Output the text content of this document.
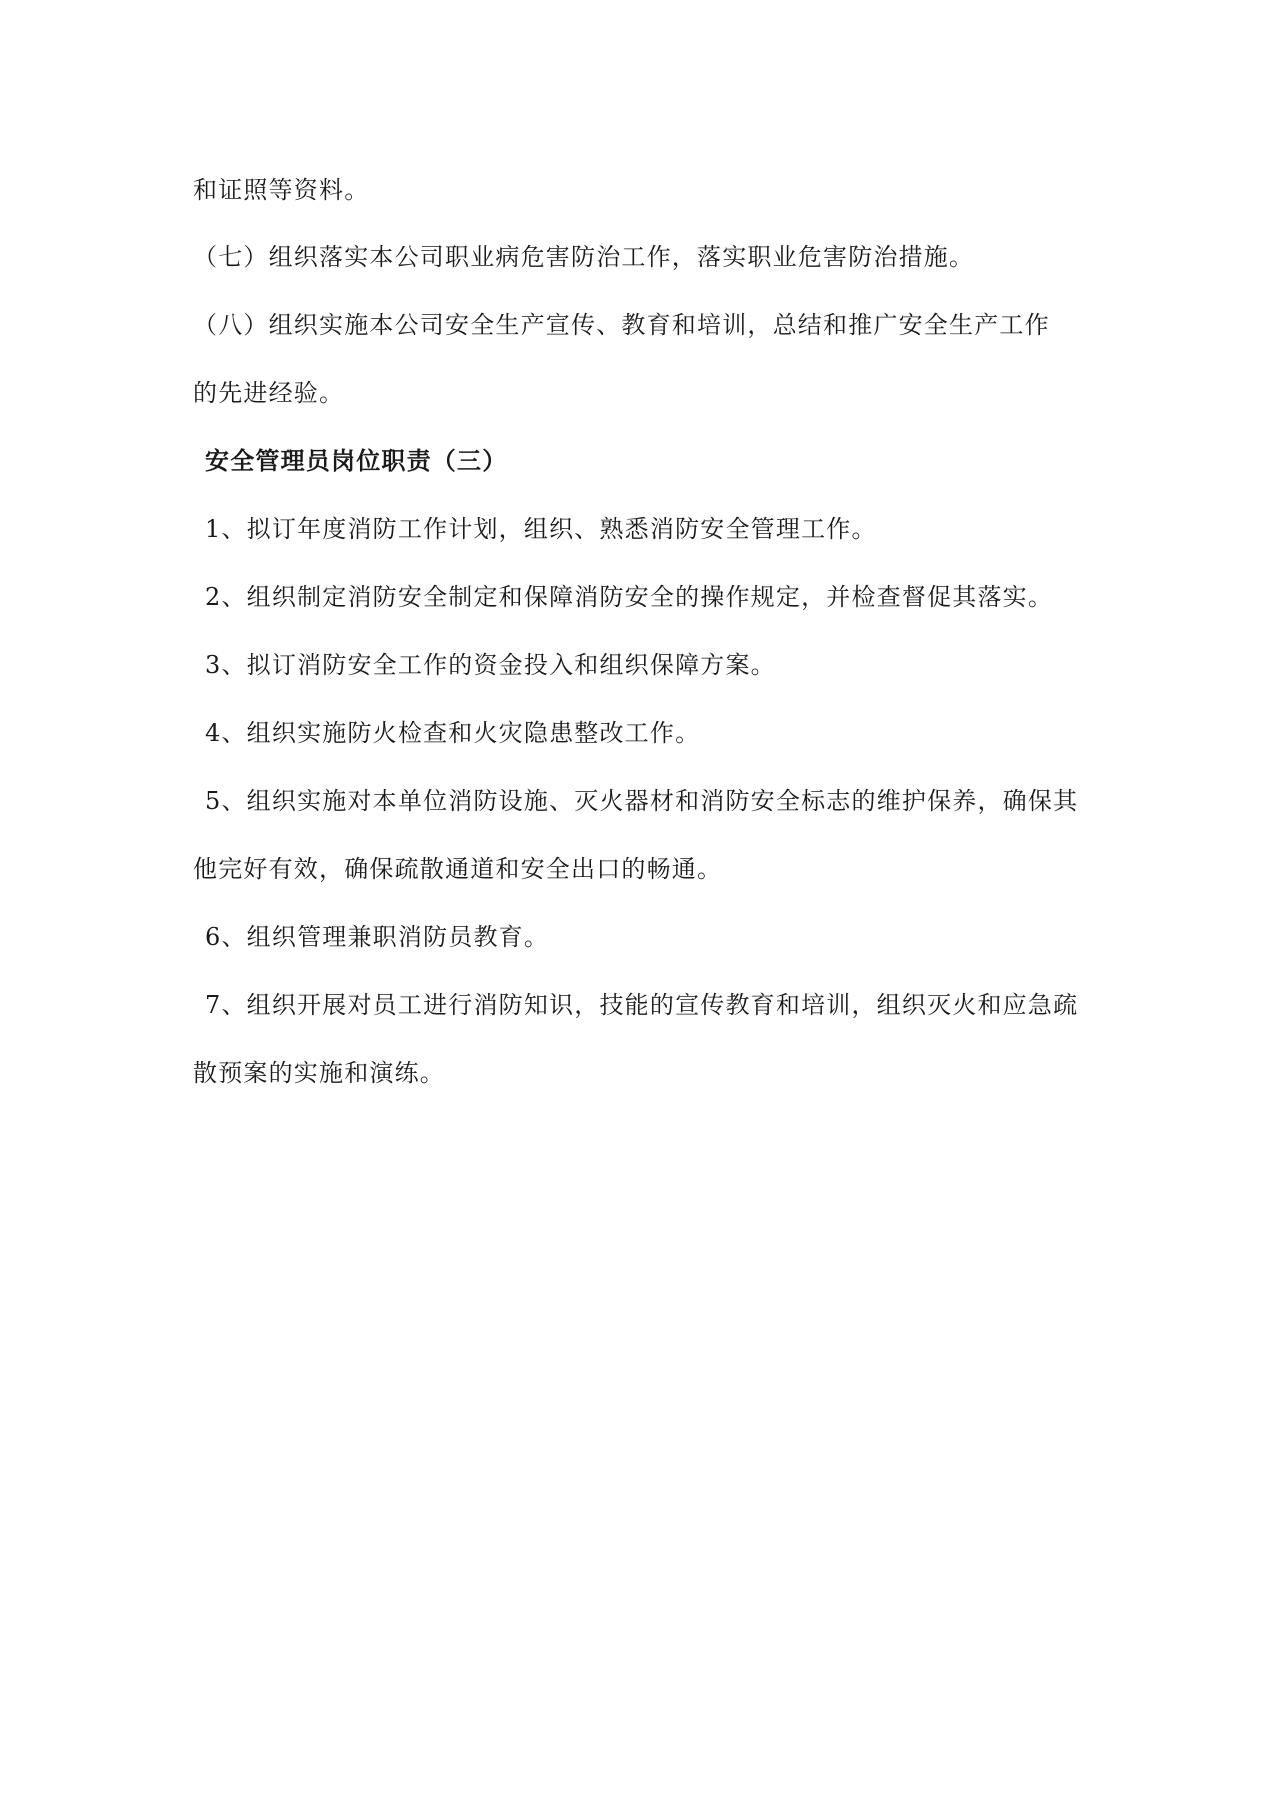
和证照等资料。
（七）组织落实本公司职业病危害防治工作，落实职业危害防治措施。
（八）组织实施本公司安全生产宣传、教育和培训，总结和推广安全生产工作
的先进经验。
安全管理员岗位职责（三）
1、拟订年度消防工作计划，组织、熟悉消防安全管理工作。
2、组织制定消防安全制定和保障消防安全的操作规定，并检查督促其落实。
3、拟订消防安全工作的资金投入和组织保障方案。
4、组织实施防火检查和火灾隐患整改工作。
5、组织实施对本单位消防设施、灭火器材和消防安全标志的维护保养，确保其
他完好有效，确保疏散通道和安全出口的畅通。
6、组织管理兼职消防员教育。
7、组织开展对员工进行消防知识，技能的宣传教育和培训，组织灭火和应急疏
散预案的实施和演练。
